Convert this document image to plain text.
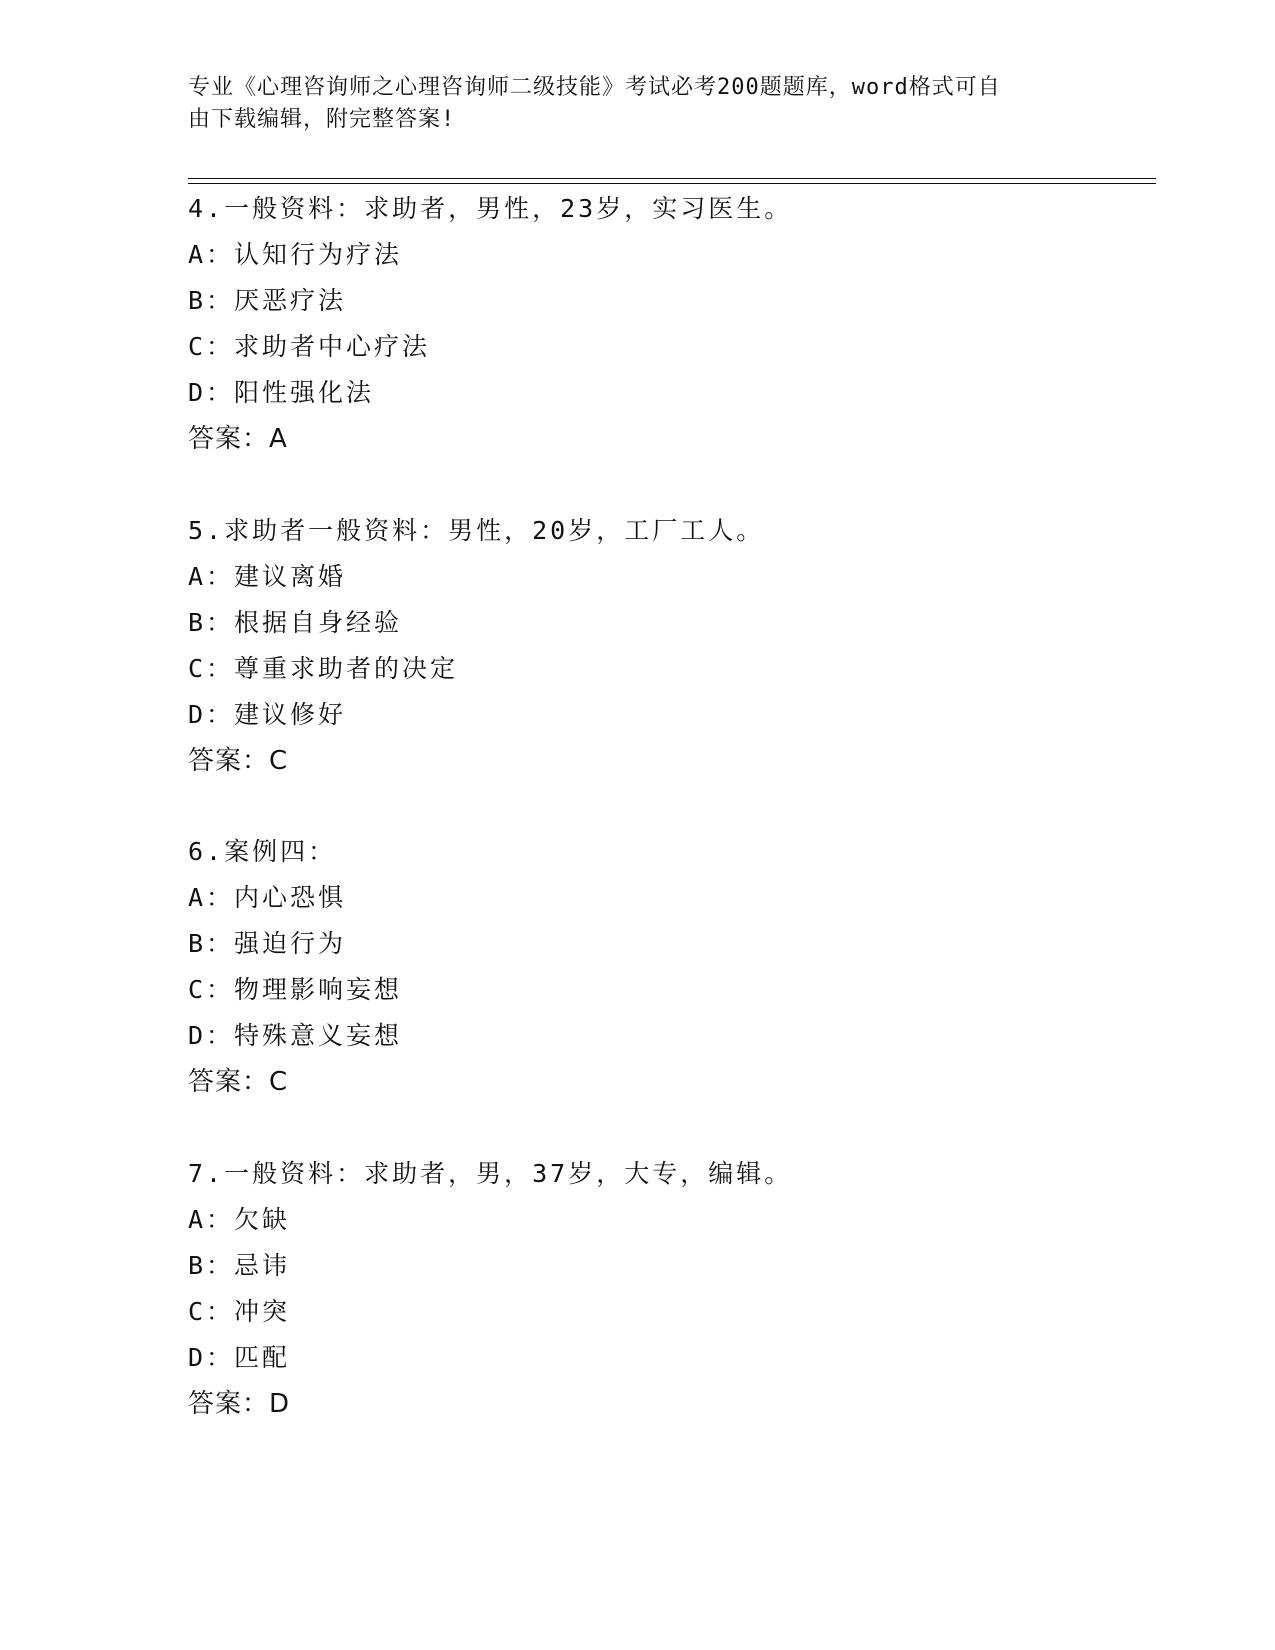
专业《心理咨询师之心理咨询师二级技能》考试必考200题题库，word格式可自
由下载编辑，附完整答案!
4.一般资料：求助者，男性，23岁，实习医生。
A：认知行为疗法
B：厌恶疗法
C：求助者中心疗法
D：阳性强化法
答案：A
5.求助者一般资料：男性，20岁，工厂工人。
A：建议离婚
B：根据自身经验
C：尊重求助者的决定
D：建议修好
答案：C
6.案例四：
A：内心恐惧
B：强迫行为
C：物理影响妄想
D：特殊意义妄想
答案：C
7.一般资料：求助者，男，37岁，大专，编辑。
A：欠缺
B：忌讳
C：冲突
D：匹配
答案：D
